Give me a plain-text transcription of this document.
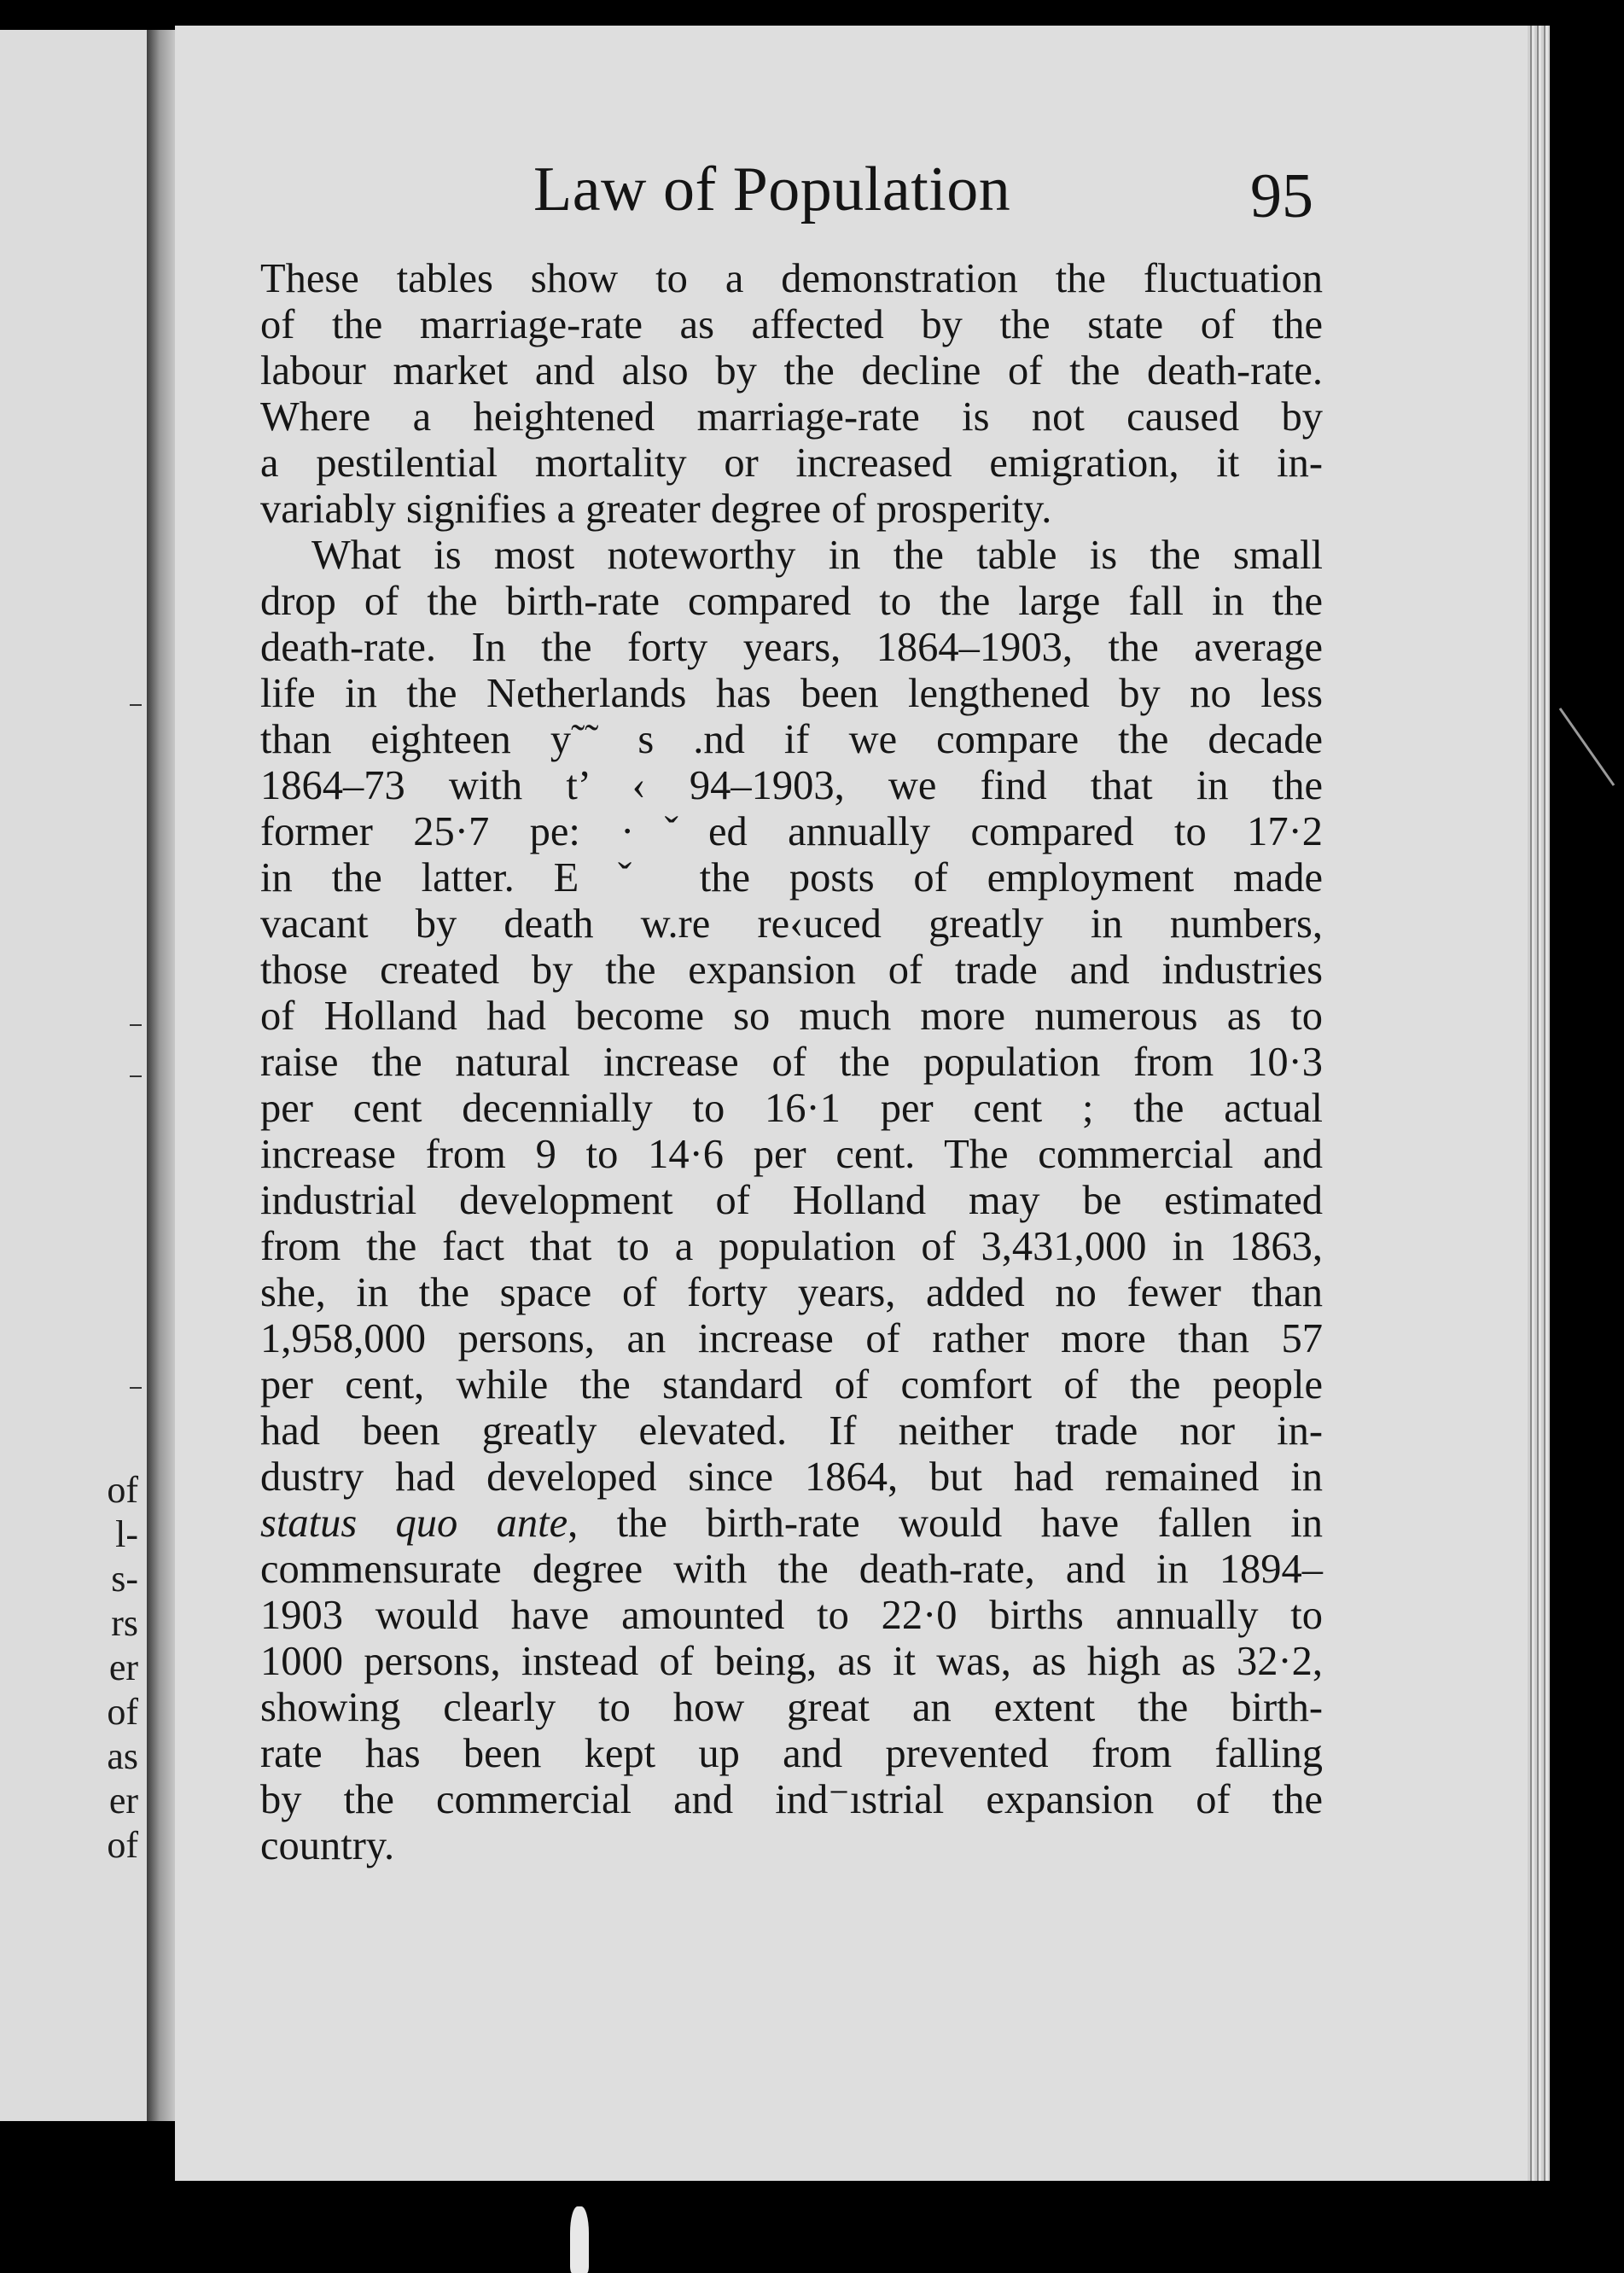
of
l-
s-
rs
er
of
as
er
of
Law of Population	95
These tables show to a demonstration the fluctuation
of the marriage-rate as affected by the state of the
labour market and also by the decline of the death-rate.
Where a heightened marriage-rate is not caused by
a pestilential mortality or increased emigration, it in-
variably signifies a greater degree of prosperity.
What is most noteworthy in the table is the small
drop of the birth-rate compared to the large fall in the
death-rate. In the forty years, 1864–1903, the average
life in the Netherlands has been lengthened by no less
than eighteen y˜˜ s .nd if we compare the decade
1864–73 with t’ ‹ 94–1903, we find that in the
former 25·7 pe: ·ˇed annually compared to 17·2
in the latter. E ˇ the posts of employment made
vacant by death w.re re‹uced greatly in numbers,
those created by the expansion of trade and industries
of Holland had become so much more numerous as to
raise the natural increase of the population from 10·3
per cent decennially to 16·1 per cent ; the actual
increase from 9 to 14·6 per cent. The commercial and
industrial development of Holland may be estimated
from the fact that to a population of 3,431,000 in 1863,
she, in the space of forty years, added no fewer than
1,958,000 persons, an increase of rather more than 57
per cent, while the standard of comfort of the people
had been greatly elevated. If neither trade nor in-
dustry had developed since 1864, but had remained in
status quo ante, the birth-rate would have fallen in
commensurate degree with the death-rate, and in 1894–
1903 would have amounted to 22·0 births annually to
1000 persons, instead of being, as it was, as high as 32·2,
showing clearly to how great an extent the birth-
rate has been kept up and prevented from falling
by the commercial and ind⁻ıstrial expansion of the
country.
